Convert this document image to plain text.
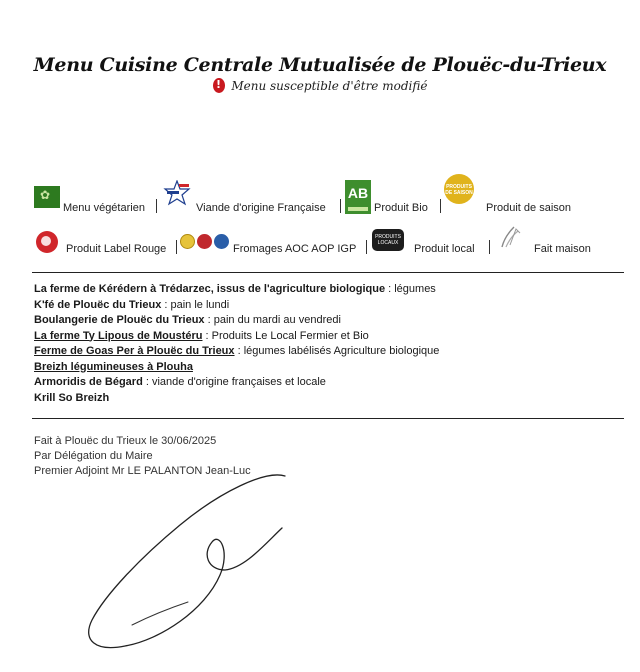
Menu Cuisine Centrale Mutualisée de Plouëc-du-Trieux
! Menu susceptible d'être modifié
✿
Menu végétarien	Viande d'origine Française
AB
Produit Bio
PRODUITS DE SAISON
Produit de saison
Produit Label Rouge	Fromages AOC AOP IGP
PRODUITS LOCAUX	Produit local	Fait maison
La ferme de Kérédern à Trédarzec, issus de l'agriculture biologique : légumes
K'fé de Plouëc du Trieux : pain le lundi
Boulangerie de Plouëc du Trieux : pain du mardi au vendredi
La ferme Ty Lipous de Moustéru : Produits Le Local Fermier et Bio
Ferme de Goas Per à Plouëc du Trieux : légumes labélisés Agriculture biologique
Breizh légumineuses à Plouha
Armoridis de Bégard : viande d'origine françaises et locale
Krill So Breizh
Fait à Plouëc du Trieux le 30/06/2025
Par Délégation du Maire
Premier Adjoint Mr LE PALANTON Jean-Luc
